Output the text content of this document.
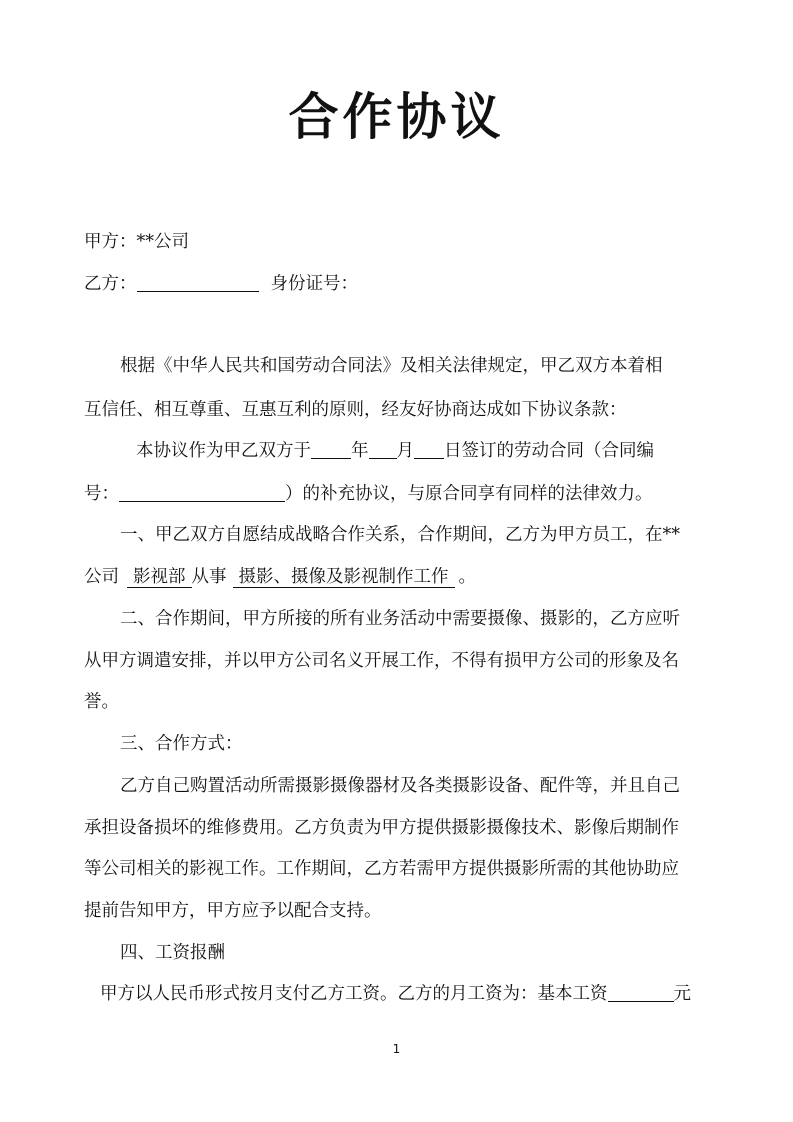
合作协议
甲方：**公司
乙方：	身份证号：
根据《中华人民共和国劳动合同法》及相关法律规定，甲乙双方本着相
互信任、相互尊重、互惠互利的原则，经友好协商达成如下协议条款：
本协议作为甲乙双方于 年 月 日签订的劳动合同（合同编
号：	）的补充协议，与原合同享有同样的法律效力。
一、甲乙双方自愿结成战略合作关系，合作期间，乙方为甲方员工，在**
公司 影视部 从事 摄影、摄像及影视制作工作 。
二、合作期间，甲方所接的所有业务活动中需要摄像、摄影的，乙方应听
从甲方调遣安排，并以甲方公司名义开展工作，不得有损甲方公司的形象及名
誉。
三、合作方式：
乙方自己购置活动所需摄影摄像器材及各类摄影设备、配件等，并且自己
承担设备损坏的维修费用。乙方负责为甲方提供摄影摄像技术、影像后期制作
等公司相关的影视工作。工作期间，乙方若需甲方提供摄影所需的其他协助应
提前告知甲方，甲方应予以配合支持。
四、工资报酬
甲方以人民币形式按月支付乙方工资。乙方的月工资为：基本工资	元
1
